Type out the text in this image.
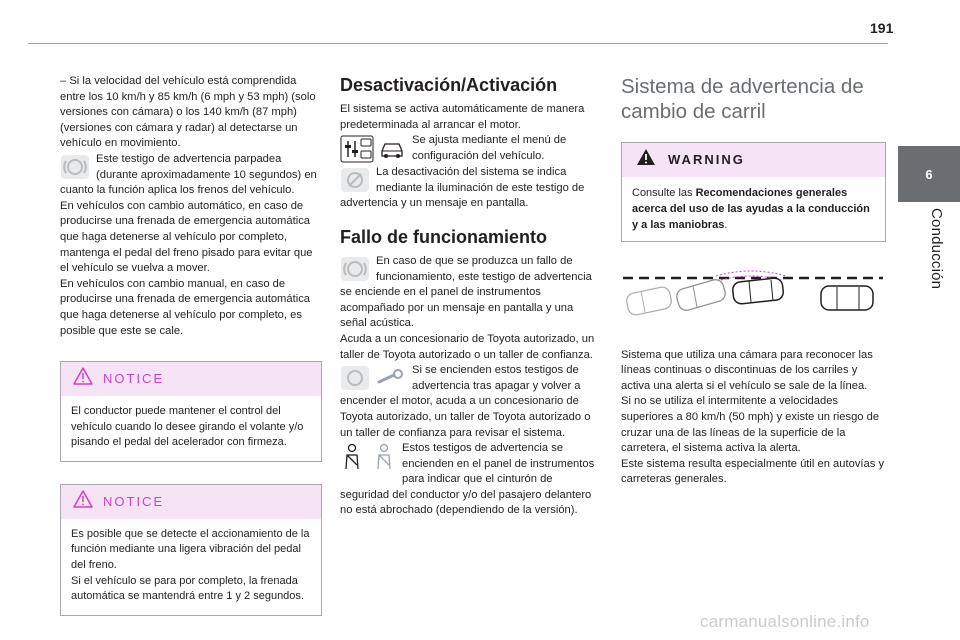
191
6
Conducción

– Si la velocidad del vehículo está comprendida entre los 10 km/h y 85 km/h (6 mph y 53 mph) (solo versiones con cámara) o los 140 km/h (87 mph) (versiones con cámara y radar) al detectarse un vehículo en movimiento.

Este testigo de advertencia parpadea (durante aproximadamente 10 segundos) en cuanto la función aplica los frenos del vehículo.

En vehículos con cambio automático, en caso de producirse una frenada de emergencia automática que haga detenerse al vehículo por completo, mantenga el pedal del freno pisado para evitar que el vehículo se vuelva a mover.

En vehículos con cambio manual, en caso de producirse una frenada de emergencia automática que haga detenerse al vehículo por completo, es posible que este se cale.

NOTICE
El conductor puede mantener el control del vehículo cuando lo desee girando el volante y/o pisando el pedal del acelerador con firmeza.
NOTICE

Es posible que se detecte el accionamiento de la función mediante una ligera vibración del pedal del freno.

Si el vehículo se para por completo, la frenada automática se mantendrá entre 1 y 2 segundos.

Desactivación/Activación

El sistema se activa automáticamente de manera predeterminada al arrancar el motor.

Se ajusta mediante el menú de configuración del vehículo.

La desactivación del sistema se indica mediante la iluminación de este testigo de advertencia y un mensaje en pantalla.

Fallo de funcionamiento

En caso de que se produzca un fallo de funcionamiento, este testigo de advertencia se enciende en el panel de instrumentos acompañado por un mensaje en pantalla y una señal acústica.

Acuda a un concesionario de Toyota autorizado, un taller de Toyota autorizado o un taller de confianza.

Si se encienden estos testigos de advertencia tras apagar y volver a encender el motor, acuda a un concesionario de Toyota autorizado, un taller de Toyota autorizado o un taller de confianza para revisar el sistema.

Estos testigos de advertencia se encienden en el panel de instrumentos para indicar que el cinturón de seguridad del conductor y/o del pasajero delantero no está abrochado (dependiendo de la versión).

Sistema de advertencia de cambio de carril
WARNING
Consulte las Recomendaciones generales acerca del uso de las ayudas a la conducción y a las maniobras.

Sistema que utiliza una cámara para reconocer las líneas continuas o discontinuas de los carriles y activa una alerta si el vehículo se sale de la línea.

Si no se utiliza el intermitente a velocidades superiores a 80 km/h (50 mph) y existe un riesgo de cruzar una de las líneas de la superficie de la carretera, el sistema activa la alerta.

Este sistema resulta especialmente útil en autovías y carreteras generales.

carmanualsonline.info
